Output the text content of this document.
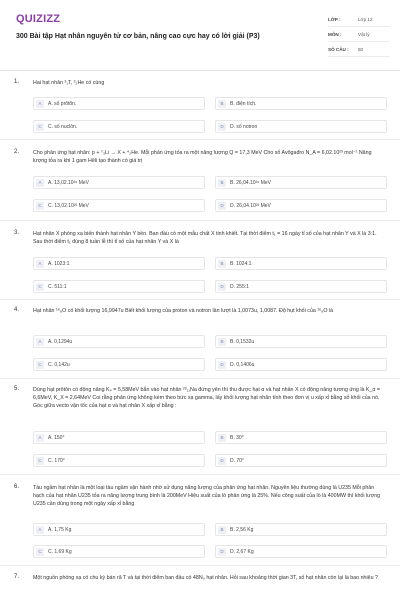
QUIZIZZ
300 Bài tập Hạt nhân nguyên tử cơ bản, nâng cao cực hay có lời giải (P3)
LỚP :	Lớp 12
MÔN :	Vật lý
SỐ CÂU :	50
1.	Hai hạt nhân ³₁T, ³₂He có cùng
A	A. số prôtôn.	B	B. điện tích.
C	C. số nuclôn.	D	D. số notron
2.	Cho phản ứng hạt nhân: p + ⁷₃Li → X + ⁴₂He. Mỗi phản ứng tỏa ra một năng lượng Q = 17,3 MeV Cho số Avôgađro N_A = 6,02.10²³ mol⁻¹ Năng lượng tỏa ra khi 1 gam Hêli tạo thành có giá trị
A	A. 13,02.10²⁶ MeV	B	B. 26,04.10²⁶ MeV
C	C. 13,02.10²³ MeV	D	D. 26,04.10²³ MeV
3.	Hạt nhân X phóng xạ biến thành hạt nhân Y bền. Ban đầu có một mẫu chất X tinh khiết. Tại thời điểm t₁ = 16 ngày tỉ số của hạt nhân Y và X là 3:1. Sau thời điểm t₁ đúng 8 tuần lễ thì tỉ số của hạt nhân Y và X là
A	A. 1023:1	B	B. 1024:1
C	C. 511:1	D	D. 255:1
4.	Hạt nhân ¹⁶₈O có khối lượng 16,9947u Biết khối lượng của proton và notron lần lượt là 1,0073u, 1,0087. Độ hụt khối của ¹⁶₈O là
A	A. 0,1294u	B	B. 0,1532u
C	C. 0,142u	D	D. 0,1406u
5.	Dùng hạt prôtôn có động năng Kₚ = 5,58MeV bắn vào hạt nhân ²³₁₁Na đứng yên thì thu được hạt α và hạt nhân X có động năng tương ứng là K_α = 6,6MeV, K_X = 2,64MeV Coi rằng phản ứng không kèm theo bức xạ gamma, lấy khối lượng hạt nhân tính theo đơn vị u xấp xỉ bằng số khối của nó. Góc giữa vecto vận tốc của hạt α và hạt nhân X xấp xỉ bằng :
A	A. 150°	B	B. 30°
C	C. 170°	D	D. 70°
6.	Tàu ngầm hạt nhân là một loại tàu ngầm vận hành nhờ sử dụng năng lượng của phản ứng hạt nhân. Nguyên liệu thường dùng là U235 Mỗi phân hạch của hạt nhân U235 tỏa ra năng lượng trung bình là 200MeV Hiệu suất của lò phản ứng là 25%. Nếu công suất của lò là 400MW thì khối lượng U235 cần dùng trong một ngày xấp xỉ bằng
A	A. 1,75 Kg	B	B. 2,56 Kg
C	C. 1,69 Kg	D	D. 2,67 Kg
7.	Một nguồn phóng xạ có chu kỳ bán rã T và tại thời điểm ban đầu có 48N₀ hạt nhân. Hỏi sau khoảng thời gian 3T, số hạt nhân còn lại là bao nhiêu ?
